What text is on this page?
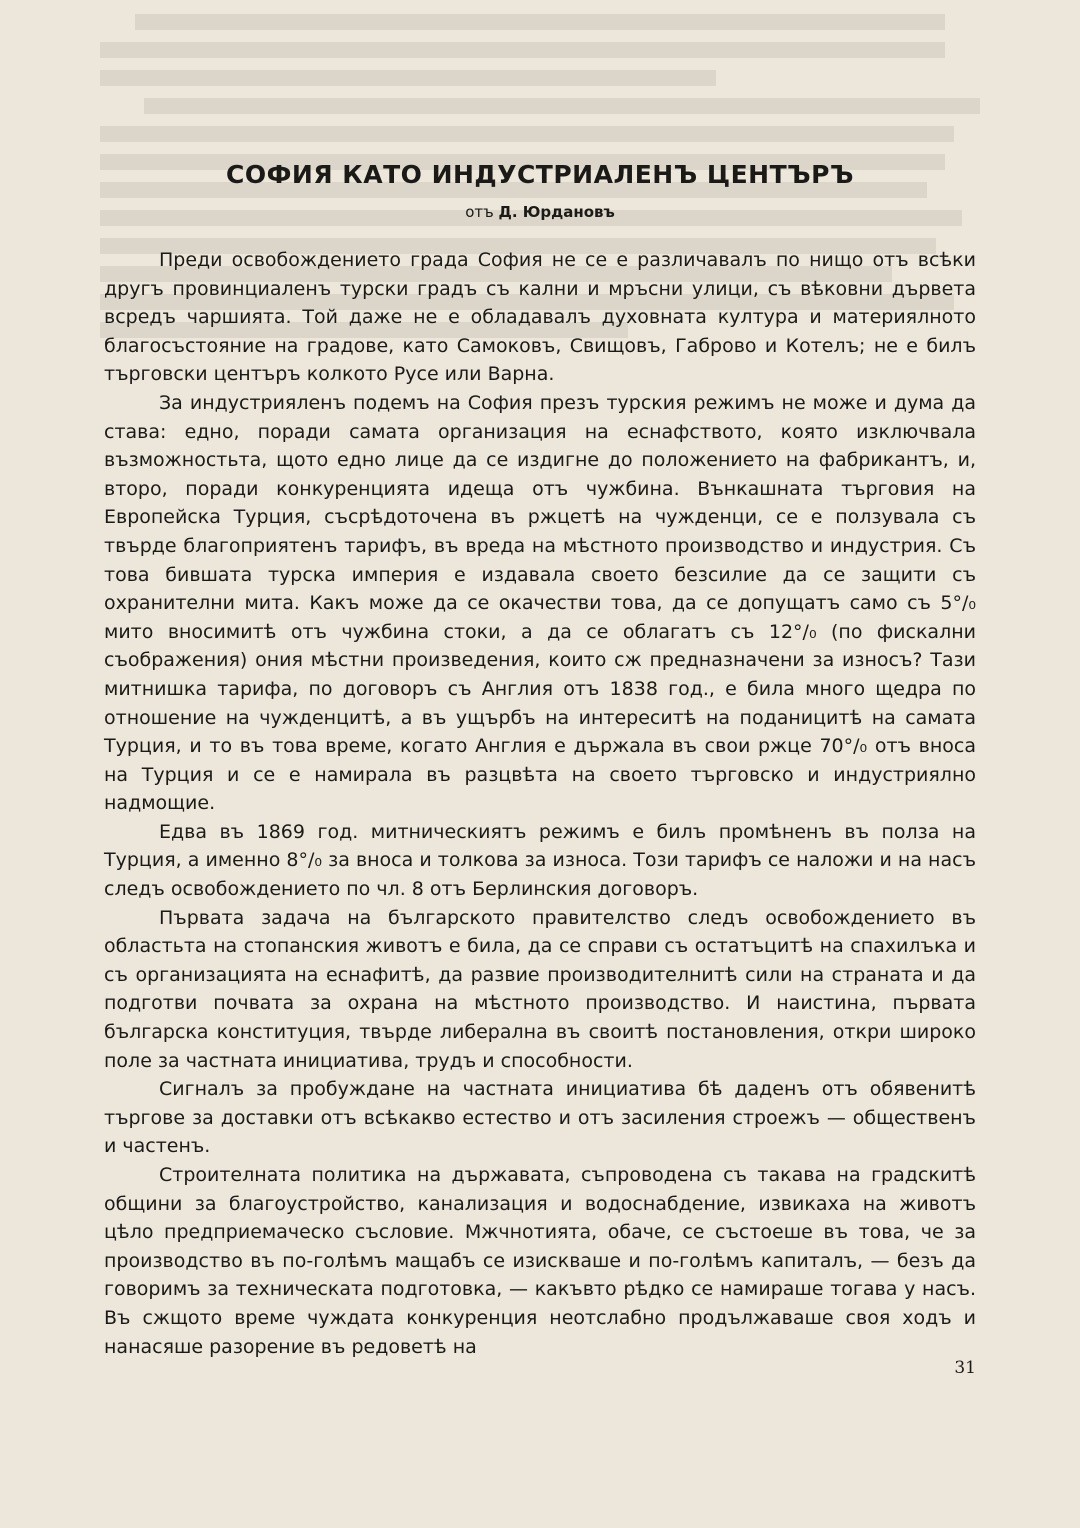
СОФИЯ КАТО ИНДУСТРИАЛЕНЪ ЦЕНТЪРЪ
отъ Д. Юрдановъ

Преди освобождението града София не се е различавалъ по нищо отъ всѣки другъ провинциаленъ турски градъ съ кални и мръсни улици, съ вѣковни дървета всредъ чаршията. Той даже не е обладавалъ духовната култура и материялното благосъстояние на градове, като Самоковъ, Свищовъ, Габрово и Котелъ; не е билъ търговски центъръ колкото Русе или Варна.

За индустрияленъ подемъ на София презъ турския режимъ не може и дума да става: едно, поради самата организация на еснафството, която изключвала възможностьта, щото едно лице да се издигне до положението на фабрикантъ, и, второ, поради конкуренцията идеща отъ чужбина. Вънкашната търговия на Европейска Турция, съсрѣдоточена въ ржцетѣ на чужденци, се е ползувала съ твърде благоприятенъ тарифъ, въ вреда на мѣстното производство и индустрия. Съ това бившата турска империя е издавала своето безсилие да се защити съ охранителни мита. Какъ може да се окачестви това, да се допущатъ само съ 5°/₀ мито вносимитѣ отъ чужбина стоки, а да се облагатъ съ 12°/₀ (по фискални съображения) ония мѣстни произведения, които сж предназначени за износъ? Тази митнишка тарифа, по договоръ съ Англия отъ 1838 год., е била много щедра по отношение на чужденцитѣ, а въ ущърбъ на интереситѣ на поданицитѣ на самата Турция, и то въ това време, когато Англия е държала въ свои ржце 70°/₀ отъ вноса на Турция и се е намирала въ разцвѣта на своето търговско и индустриялно надмощие.

Едва въ 1869 год. митническиятъ режимъ е билъ промѣненъ въ полза на Турция, а именно 8°/₀ за вноса и толкова за износа. Този тарифъ се наложи и на насъ следъ освобождението по чл. 8 отъ Берлинския договоръ.

Първата задача на българското правителство следъ освобождението въ областьта на стопанския животъ е била, да се справи съ остатъцитѣ на спахилъка и съ организацията на еснафитѣ, да развие производителнитѣ сили на страната и да подготви почвата за охрана на мѣстното производство. И наистина, първата българска конституция, твърде либерална въ своитѣ постановления, откри широко поле за частната инициатива, трудъ и способности.

Сигналъ за пробуждане на частната инициатива бѣ даденъ отъ обявенитѣ търгове за доставки отъ всѣкакво естество и отъ засиления строежъ — общественъ и частенъ.

Строителната политика на държавата, съпроводена съ такава на градскитѣ общини за благоустройство, канализация и водоснабдение, извикаха на животъ цѣло предприемаческо съсловие. Мжчнотията, обаче, се състоеше въ това, че за производство въ по-голѣмъ мащабъ се изискваше и по-голѣмъ капиталъ, — безъ да говоримъ за техническата подготовка, — какъвто рѣдко се намираше тогава у насъ. Въ сжщото време чуждата конкуренция неотслабно продължаваше своя ходъ и нанасяше разорение въ редоветѣ на

31
